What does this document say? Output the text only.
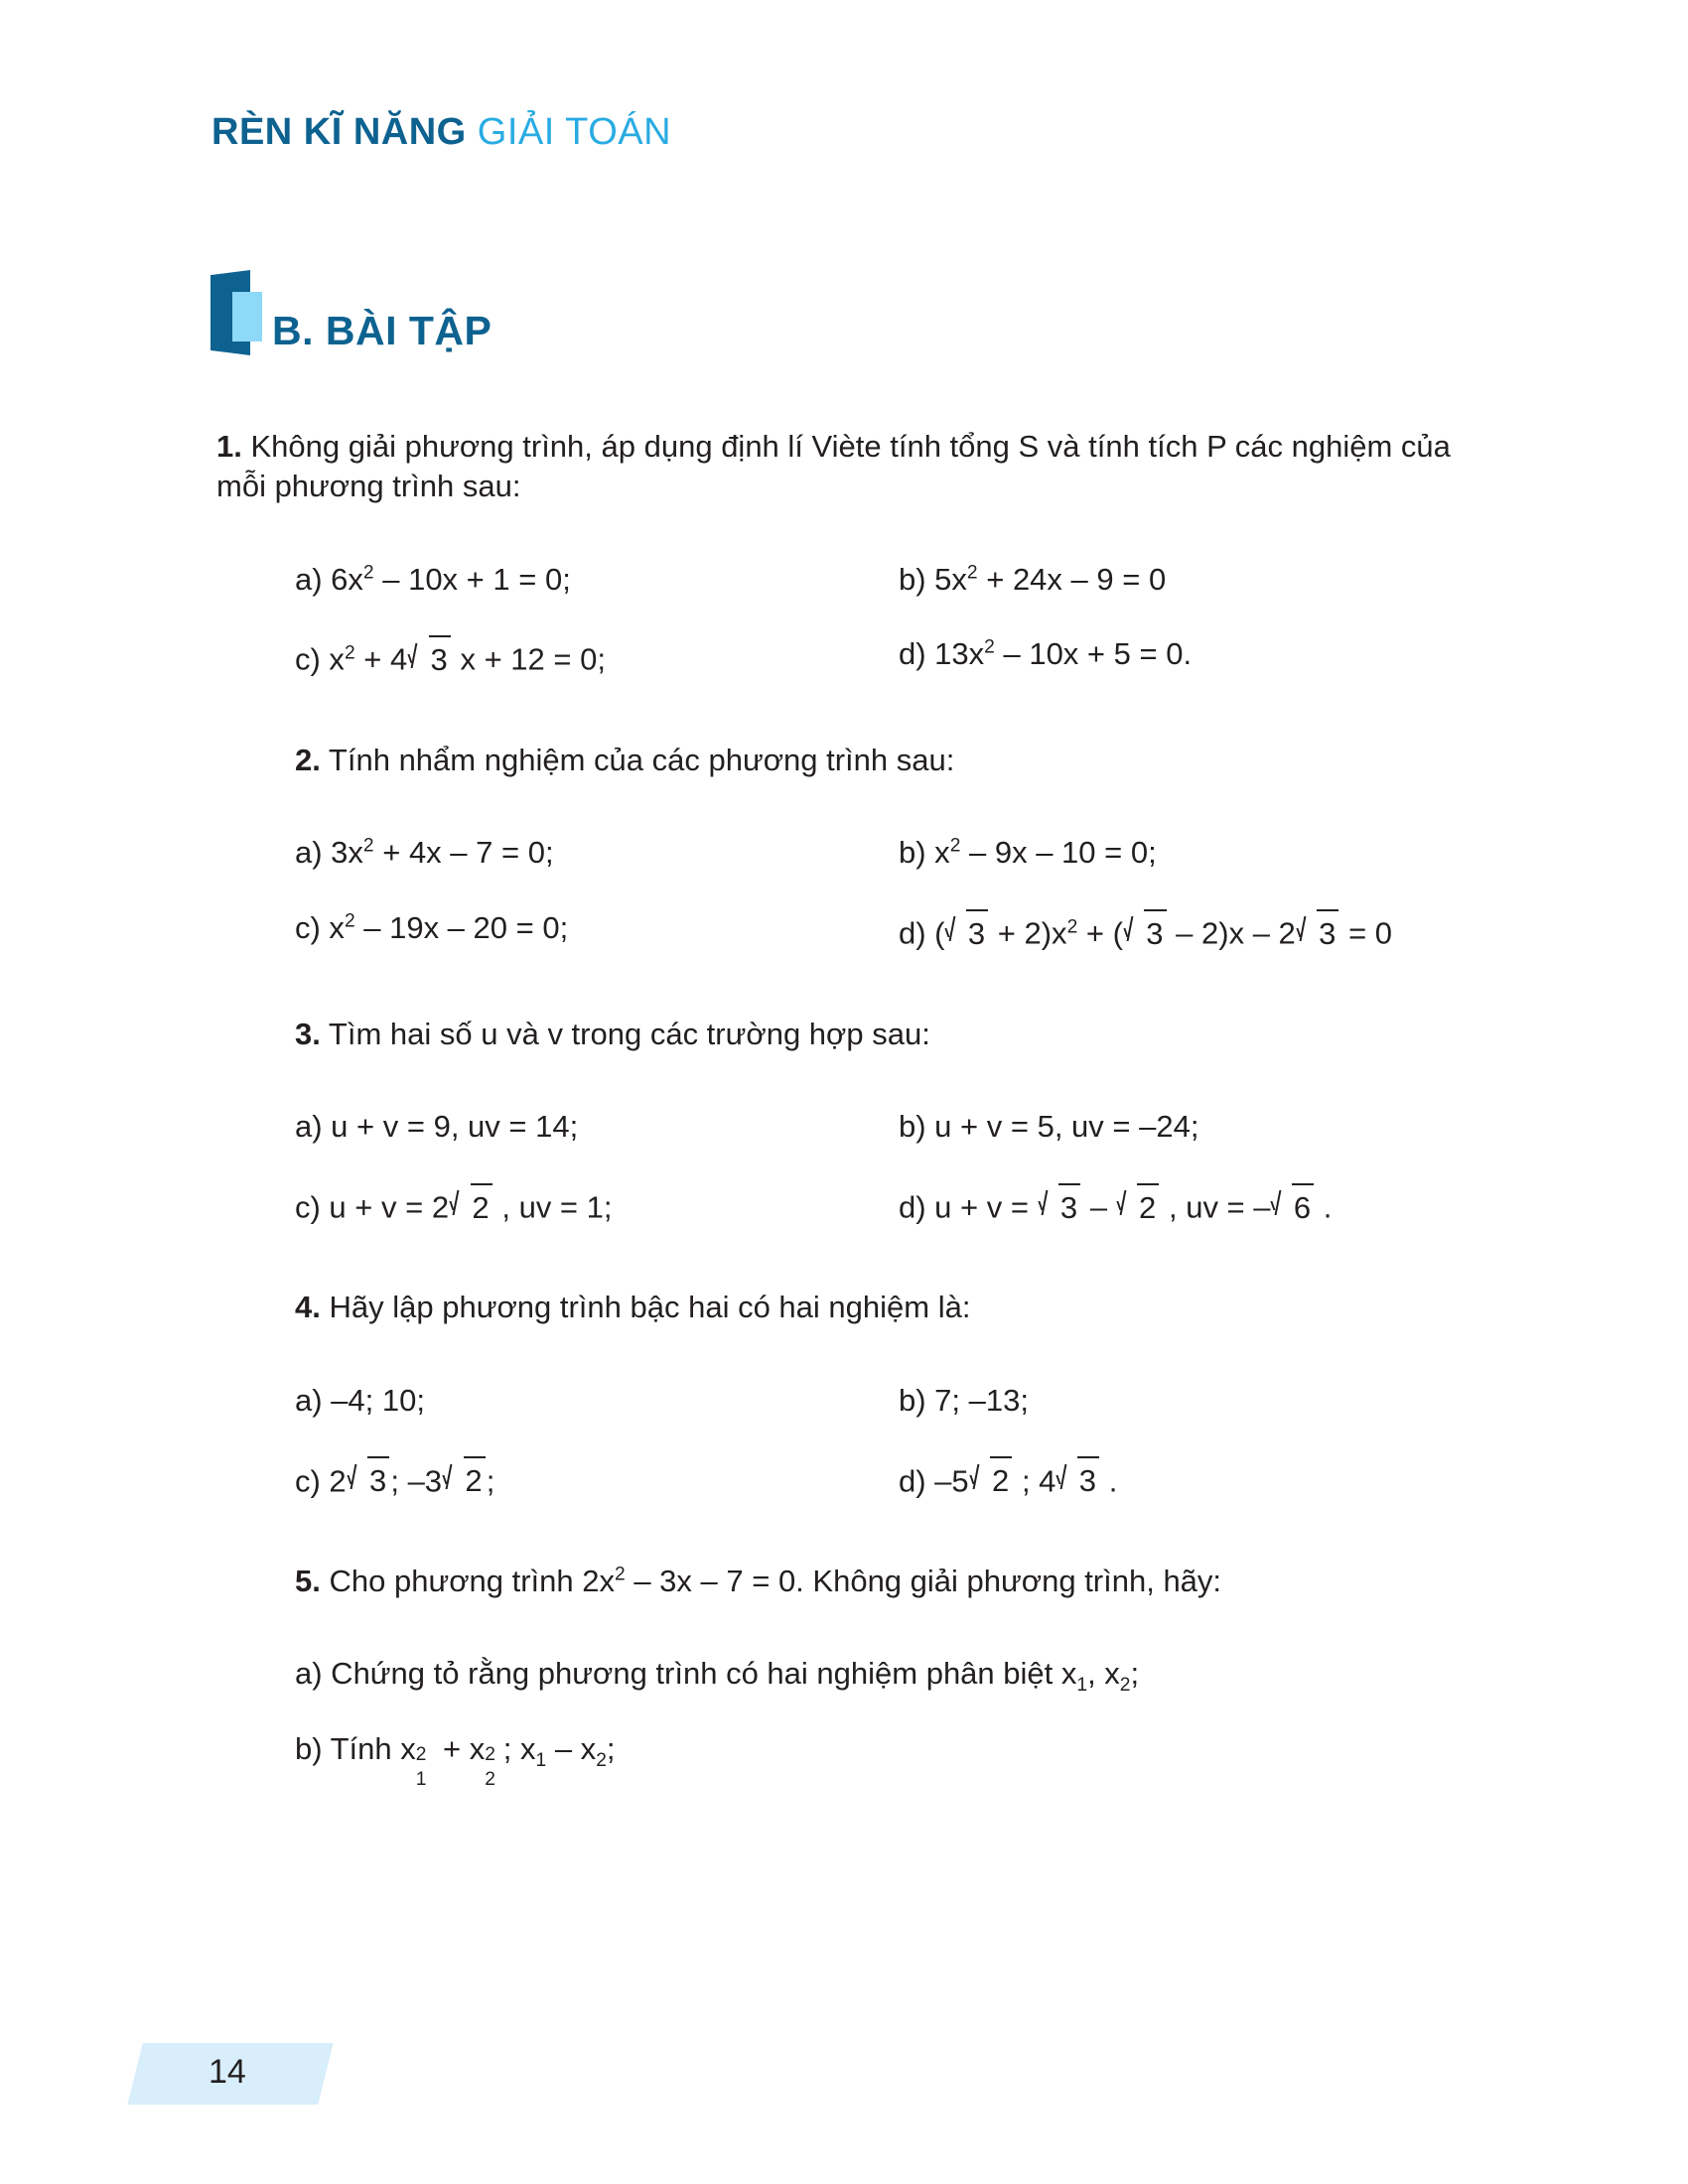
RÈN KĨ NĂNG GIẢI TOÁN
B. BÀI TẬP
1. Không giải phương trình, áp dụng định lí Viète tính tổng S và tính tích P các nghiệm của mỗi phương trình sau:
a) $6x^2 - 10x + 1 = 0$;	b) $5x^2 + 24x - 9 = 0$
c) $x^2 + 4$ 3 x + 12 = 0;	d) $13x^2 - 10x + 5 = 0$.
2. Tính nhẩm nghiệm của các phương trình sau:
a) $3x^2 + 4x - 7 = 0$;	b) $x^2 - 9x - 10 = 0$;
c) $x^2 - 19x - 20 = 0$;	d) ( $3 + 2)x^2$ + ( 3 – 2)x – 2 3 = 0
3. Tìm hai số u và v trong các trường hợp sau:
a) u + v = 9, uv = 14;	b) u + v = 5, uv = –24;
c) u + v = 2 2 , uv = 1;	d) u + v = 3 – 2 , uv = – 6 .
4. Hãy lập phương trình bậc hai có hai nghiệm là:
a) –4; 10;	b) 7; –13;
c) 2 3 ; –3 2 ;	d) –5 2 ; 4 3 .
5. Cho phương trình $2x^2 - 3x - 7 = 0$. Không giải phương trình, hãy:
a) Chứng tỏ rằng phương trình có hai nghiệm phân biệt $x_1$, $x_2$;
b) Tính x 2
1
+ x 2
2
; $x_1 - x_2$;
14
